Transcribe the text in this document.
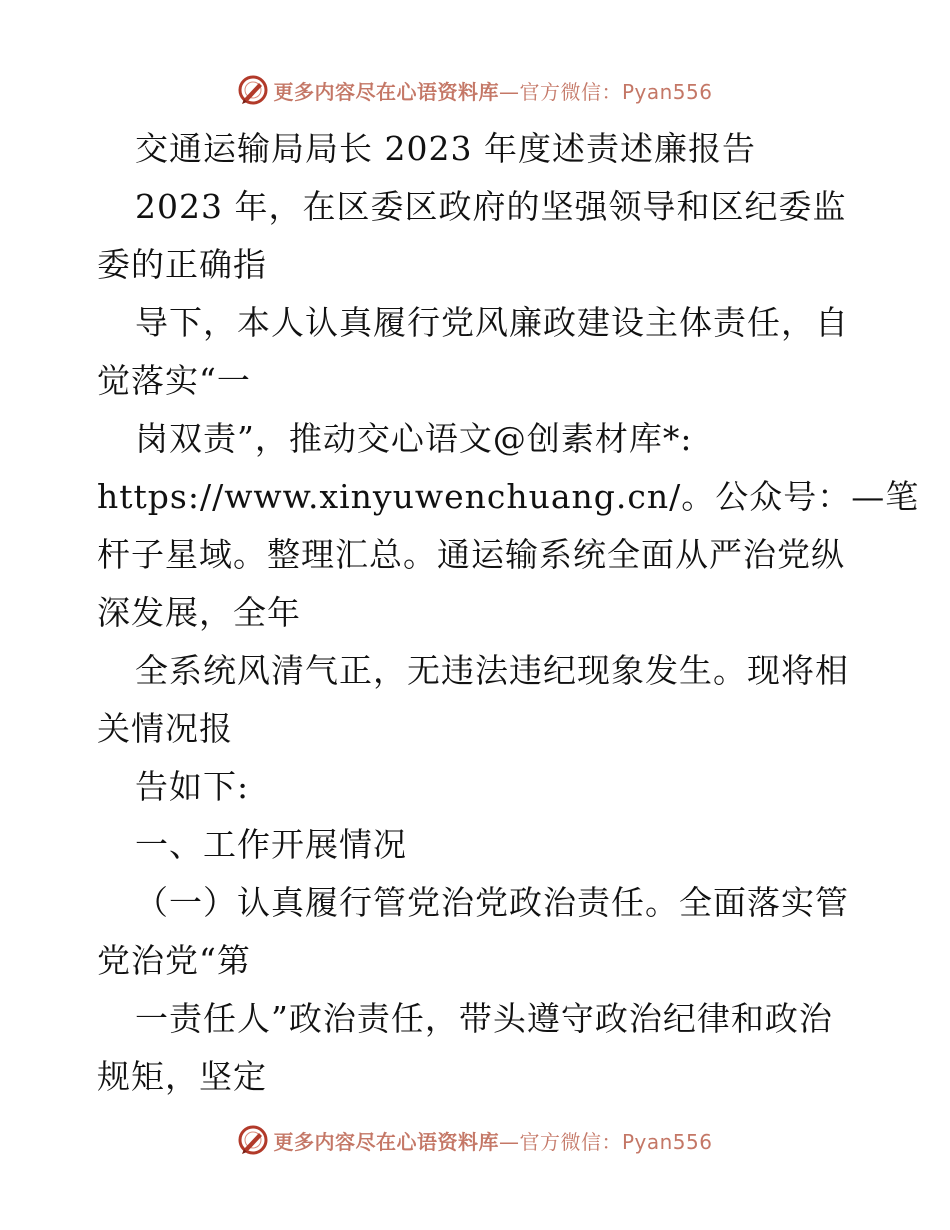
更多内容尽在心语资料库—官方微信：Pyan556
交通运输局局长 2023 年度述责述廉报告
2023 年，在区委区政府的坚强领导和区纪委监
委的正确指
导下，本人认真履行党风廉政建设主体责任，自
觉落实“一
岗双责”，推动交心语文@创素材库*:
https://www.xinyuwenchuang.cn/。公众号：—笔
杆子星域。整理汇总。通运输系统全面从严治党纵
深发展，全年
全系统风清气正，无违法违纪现象发生。现将相
关情况报
告如下:
一、工作开展情况
（一）认真履行管党治党政治责任。全面落实管
党治党“第
一责任人”政治责任，带头遵守政治纪律和政治
规矩，坚定
更多内容尽在心语资料库—官方微信：Pyan556
